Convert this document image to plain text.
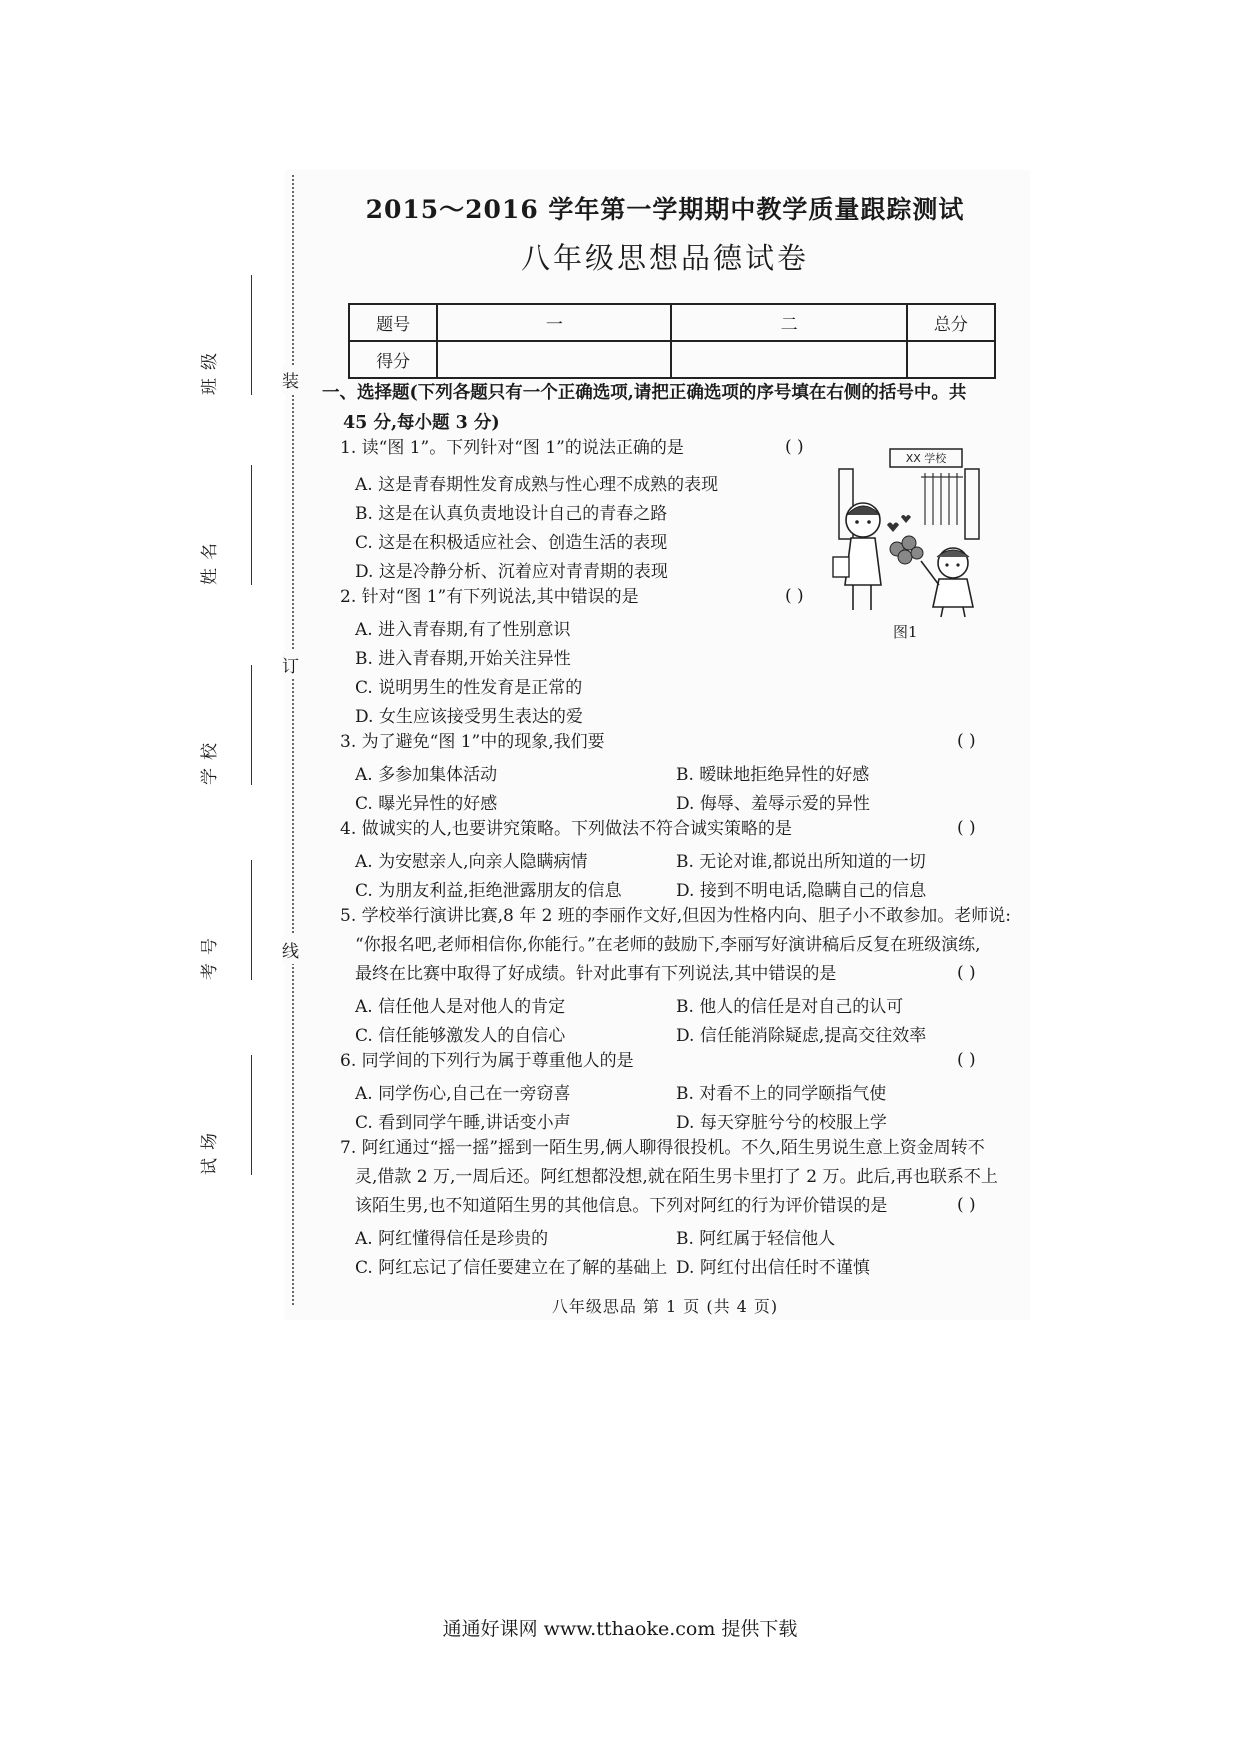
装
订
线
班级
姓名
学校
考号
试场
2015～2016 学年第一学期期中教学质量跟踪测试
八年级思想品德试卷
题号	一	二	总分
得分			
一、选择题(下列各题只有一个正确选项,请把正确选项的序号填在右侧的括号中。共
45 分,每小题 3 分)
1. 读“图 1”。下列针对“图 1”的说法正确的是	( )
A. 这是青春期性发育成熟与性心理不成熟的表现
B. 这是在认真负责地设计自己的青春之路
C. 这是在积极适应社会、创造生活的表现
D. 这是冷静分析、沉着应对青青期的表现
2. 针对“图 1”有下列说法,其中错误的是	( )
A. 进入青春期,有了性别意识
B. 进入青春期,开始关注异性
C. 说明男生的性发育是正常的
D. 女生应该接受男生表达的爱
3. 为了避免“图 1”中的现象,我们要	( )
A. 多参加集体活动	B. 暧昧地拒绝异性的好感
C. 曝光异性的好感	D. 侮辱、羞辱示爱的异性
4. 做诚实的人,也要讲究策略。下列做法不符合诚实策略的是	( )
A. 为安慰亲人,向亲人隐瞒病情	B. 无论对谁,都说出所知道的一切
C. 为朋友利益,拒绝泄露朋友的信息	D. 接到不明电话,隐瞒自己的信息
5. 学校举行演讲比赛,8 年 2 班的李丽作文好,但因为性格内向、胆子小不敢参加。老师说:
“你报名吧,老师相信你,你能行。”在老师的鼓励下,李丽写好演讲稿后反复在班级演练,
最终在比赛中取得了好成绩。针对此事有下列说法,其中错误的是	( )
A. 信任他人是对他人的肯定	B. 他人的信任是对自己的认可
C. 信任能够激发人的自信心	D. 信任能消除疑虑,提高交往效率
6. 同学间的下列行为属于尊重他人的是	( )
A. 同学伤心,自己在一旁窃喜	B. 对看不上的同学颐指气使
C. 看到同学午睡,讲话变小声	D. 每天穿脏兮兮的校服上学
7. 阿红通过“摇一摇”摇到一陌生男,俩人聊得很投机。不久,陌生男说生意上资金周转不
灵,借款 2 万,一周后还。阿红想都没想,就在陌生男卡里打了 2 万。此后,再也联系不上
该陌生男,也不知道陌生男的其他信息。下列对阿红的行为评价错误的是	( )
A. 阿红懂得信任是珍贵的	B. 阿红属于轻信他人
C. 阿红忘记了信任要建立在了解的基础上 D. 阿红付出信任时不谨慎
XX 学校
图1
八年级思品 第 1 页 (共 4 页)
通通好课网 www.tthaoke.com 提供下载
